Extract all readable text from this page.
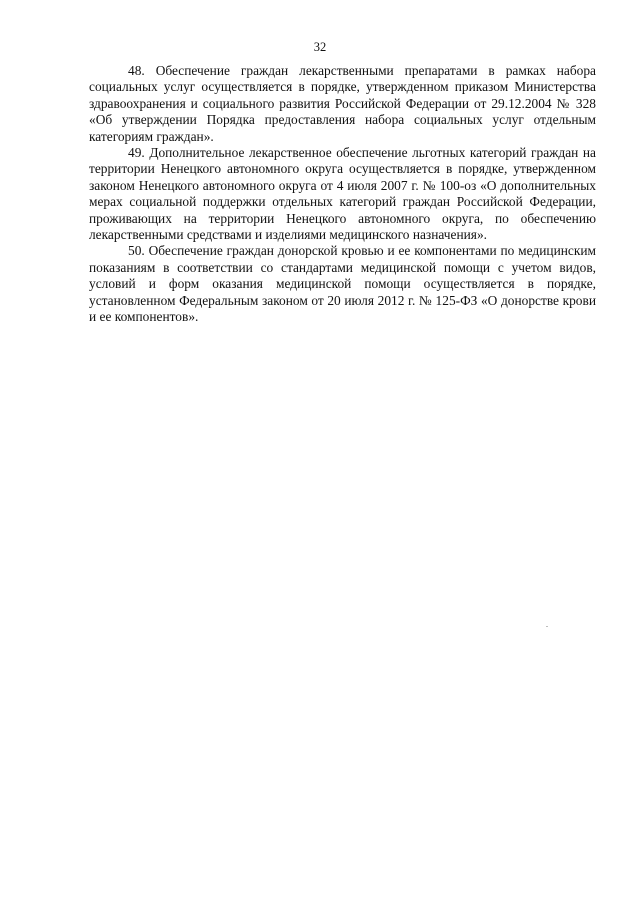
32

48. Обеспечение граждан лекарственными препаратами в рамках набора социальных услуг осуществляется в порядке, утвержденном приказом Министерства здравоохранения и социального развития Российской Федерации от 29.12.2004 № 328 «Об утверждении Порядка предоставления набора социальных услуг отдельным категориям граждан».

49. Дополнительное лекарственное обеспечение льготных категорий граждан на территории Ненецкого автономного округа осуществляется в порядке, утвержденном законом Ненецкого автономного округа от 4 июля 2007 г. № 100-оз «О дополнительных мерах социальной поддержки отдельных категорий граждан Российской Федерации, проживающих на территории Ненецкого автономного округа, по обеспечению лекарственными средствами и изделиями медицинского назначения».

50. Обеспечение граждан донорской кровью и ее компонентами по медицинским показаниям в соответствии со стандартами медицинской помощи с учетом видов, условий и форм оказания медицинской помощи осуществляется в порядке, установленном Федеральным законом от 20 июля 2012 г. № 125-ФЗ «О донорстве крови и ее компонентов».
